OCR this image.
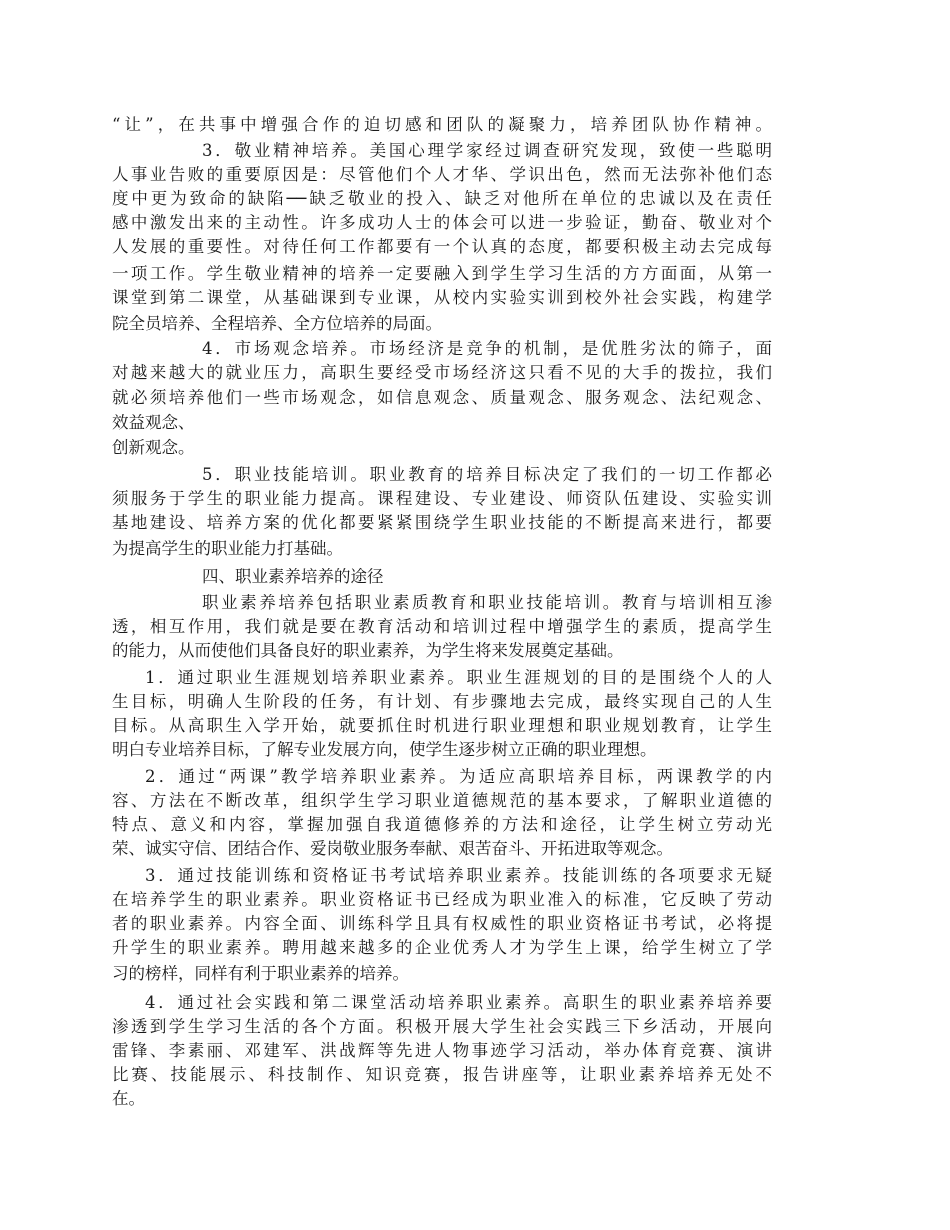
“让”，在共事中增强合作的迫切感和团队的凝聚力，培养团队协作精神。
3．敬业精神培养。美国心理学家经过调查研究发现，致使一些聪明
人事业告败的重要原因是：尽管他们个人才华、学识出色，然而无法弥补他们态
度中更为致命的缺陷──缺乏敬业的投入、缺乏对他所在单位的忠诚以及在责任
感中激发出来的主动性。许多成功人士的体会可以进一步验证，勤奋、敬业对个
人发展的重要性。对待任何工作都要有一个认真的态度，都要积极主动去完成每
一项工作。学生敬业精神的培养一定要融入到学生学习生活的方方面面，从第一
课堂到第二课堂，从基础课到专业课，从校内实验实训到校外社会实践，构建学
院全员培养、全程培养、全方位培养的局面。
4．市场观念培养。市场经济是竞争的机制，是优胜劣汰的筛子，面
对越来越大的就业压力，高职生要经受市场经济这只看不见的大手的拨拉，我们
就必须培养他们一些市场观念，如信息观念、质量观念、服务观念、法纪观念、
效益观念、
创新观念。
5．职业技能培训。职业教育的培养目标决定了我们的一切工作都必
须服务于学生的职业能力提高。课程建设、专业建设、师资队伍建设、实验实训
基地建设、培养方案的优化都要紧紧围绕学生职业技能的不断提高来进行，都要
为提高学生的职业能力打基础。
四、职业素养培养的途径
职业素养培养包括职业素质教育和职业技能培训。教育与培训相互渗
透，相互作用，我们就是要在教育活动和培训过程中增强学生的素质，提高学生
的能力，从而使他们具备良好的职业素养，为学生将来发展奠定基础。
1．通过职业生涯规划培养职业素养。职业生涯规划的目的是围绕个人的人
生目标，明确人生阶段的任务，有计划、有步骤地去完成，最终实现自己的人生
目标。从高职生入学开始，就要抓住时机进行职业理想和职业规划教育，让学生
明白专业培养目标，了解专业发展方向，使学生逐步树立正确的职业理想。
2．通过“两课”教学培养职业素养。为适应高职培养目标，两课教学的内
容、方法在不断改革，组织学生学习职业道德规范的基本要求，了解职业道德的
特点、意义和内容，掌握加强自我道德修养的方法和途径，让学生树立劳动光
荣、诚实守信、团结合作、爱岗敬业服务奉献、艰苦奋斗、开拓进取等观念。
3．通过技能训练和资格证书考试培养职业素养。技能训练的各项要求无疑
在培养学生的职业素养。职业资格证书已经成为职业准入的标准，它反映了劳动
者的职业素养。内容全面、训练科学且具有权威性的职业资格证书考试，必将提
升学生的职业素养。聘用越来越多的企业优秀人才为学生上课，给学生树立了学
习的榜样，同样有利于职业素养的培养。
4．通过社会实践和第二课堂活动培养职业素养。高职生的职业素养培养要
渗透到学生学习生活的各个方面。积极开展大学生社会实践三下乡活动，开展向
雷锋、李素丽、邓建军、洪战辉等先进人物事迹学习活动，举办体育竞赛、演讲
比赛、技能展示、科技制作、知识竞赛，报告讲座等，让职业素养培养无处不
在。
